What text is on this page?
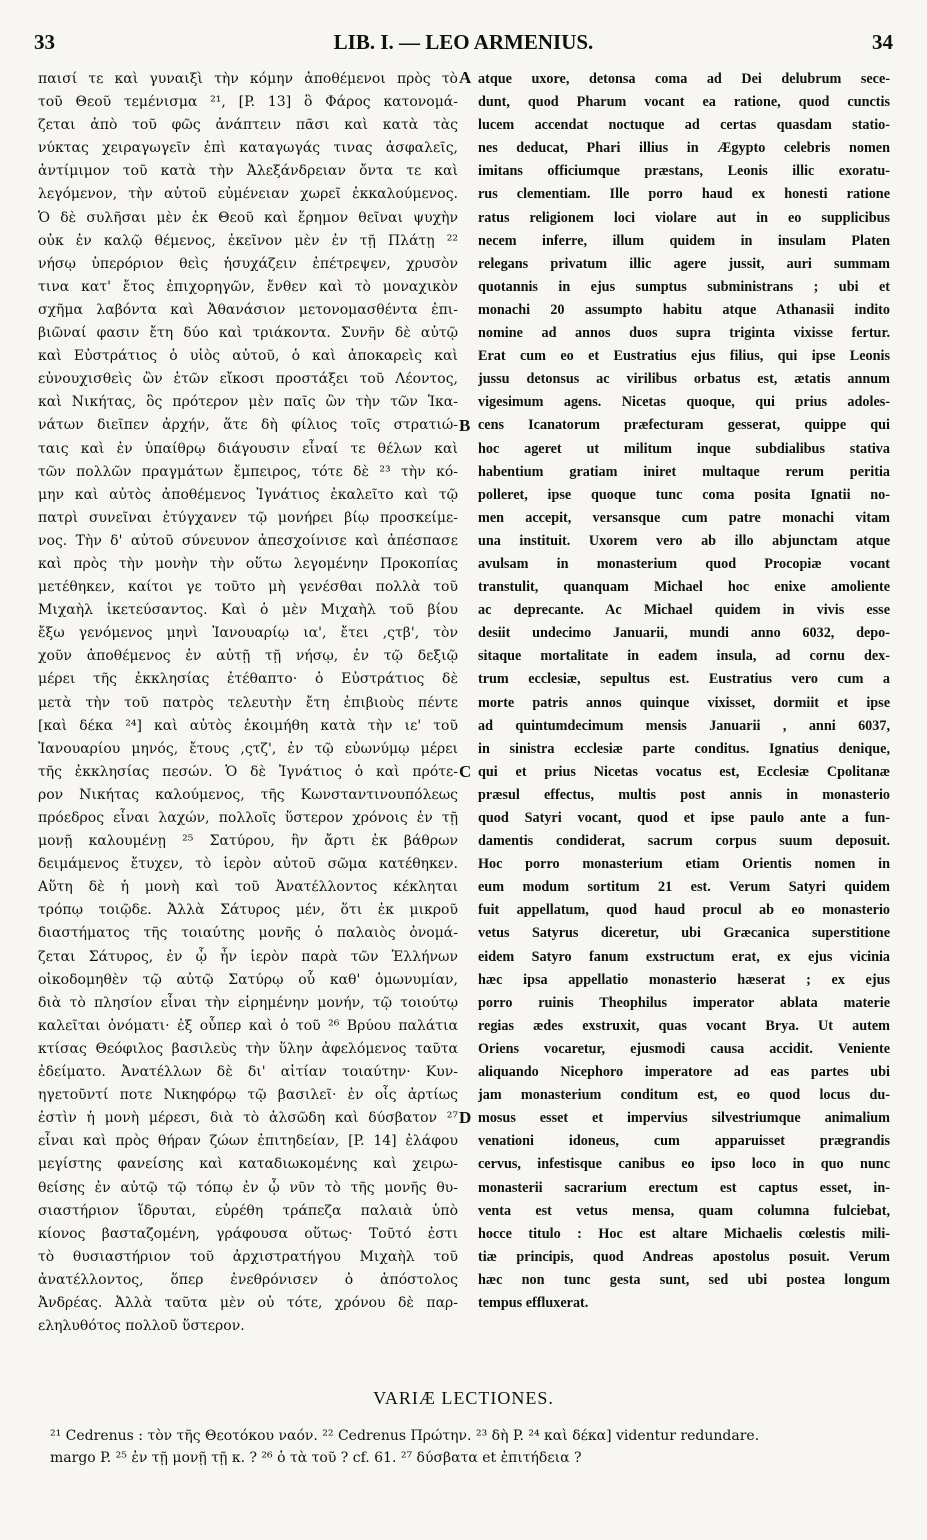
33	LIB. I. — LEO ARMENIUS.	34
παισί τε καὶ γυναιξὶ τὴν κόμην ἀποθέμενοι πρὸς τὸ
τοῦ Θεοῦ τεμένισμα ²¹, [P. 13] ὃ Φάρος κατονομά-
ζεται ἀπὸ τοῦ φῶς ἀνάπτειν πᾶσι καὶ κατὰ τὰς
νύκτας χειραγωγεῖν ἐπὶ καταγωγάς τινας ἀσφαλεῖς,
ἀντίμιμον τοῦ κατὰ τὴν Ἀλεξάνδρειαν ὄντα τε καὶ
λεγόμενον, τὴν αὐτοῦ εὐμένειαν χωρεῖ ἐκκαλούμενος.
Ὁ δὲ συλῆσαι μὲν ἐκ Θεοῦ καὶ ἔρημον θεῖναι ψυχὴν
οὐκ ἐν καλῷ θέμενος, ἐκεῖνον μὲν ἐν τῇ Πλάτῃ ²²
νήσῳ ὑπερόριον θεὶς ἡσυχάζειν ἐπέτρεψεν, χρυσὸν
τινα κατ' ἔτος ἐπιχορηγῶν, ἔνθεν καὶ τὸ μοναχικὸν
σχῆμα λαβόντα καὶ Ἀθανάσιον μετονομασθέντα ἐπι-
βιῶναί φασιν ἔτη δύο καὶ τριάκοντα. Συνῆν δὲ αὐτῷ
καὶ Εὐστράτιος ὁ υἱὸς αὐτοῦ, ὁ καὶ ἀποκαρεὶς καὶ
εὐνουχισθεὶς ὢν ἐτῶν εἴκοσι προστάξει τοῦ Λέοντος,
καὶ Νικήτας, ὃς πρότερον μὲν παῖς ὢν τὴν τῶν Ἱκα-
νάτων διεῖπεν ἀρχήν, ἅτε δὴ φίλιος τοῖς στρατιώ-
ταις καὶ ἐν ὑπαίθρῳ διάγουσιν εἶναί τε θέλων καὶ
τῶν πολλῶν πραγμάτων ἔμπειρος, τότε δὲ ²³ τὴν κό-
μην καὶ αὐτὸς ἀποθέμενος Ἰγνάτιος ἐκαλεῖτο καὶ τῷ
πατρὶ συνεῖναι ἐτύγχανεν τῷ μονήρει βίῳ προσκείμε-
νος. Τὴν δ' αὐτοῦ σύνευνον ἀπεσχοίνισε καὶ ἀπέσπασε
καὶ πρὸς τὴν μονὴν τὴν οὕτω λεγομένην Προκοπίας
μετέθηκεν, καίτοι γε τοῦτο μὴ γενέσθαι πολλὰ τοῦ
Μιχαὴλ ἱκετεύσαντος. Καὶ ὁ μὲν Μιχαὴλ τοῦ βίου
ἔξω γενόμενος μηνὶ Ἰανουαρίῳ ια', ἔτει ,ςτβ', τὸν
χοῦν ἀποθέμενος ἐν αὐτῇ τῇ νήσῳ, ἐν τῷ δεξιῷ
μέρει τῆς ἐκκλησίας ἐτέθαπτο· ὁ Εὐστράτιος δὲ
μετὰ τὴν τοῦ πατρὸς τελευτὴν ἔτη ἐπιβιοὺς πέντε
[καὶ δέκα ²⁴] καὶ αὐτὸς ἐκοιμήθη κατὰ τὴν ιε' τοῦ
Ἰανουαρίου μηνός, ἔτους ,ςτζ', ἐν τῷ εὐωνύμῳ μέρει
τῆς ἐκκλησίας πεσών. Ὁ δὲ Ἰγνάτιος ὁ καὶ πρότε-
ρον Νικήτας καλούμενος, τῆς Κωνσταντινουπόλεως
πρόεδρος εἶναι λαχών, πολλοῖς ὕστερον χρόνοις ἐν τῇ
μονῇ καλουμένῃ ²⁵ Σατύρου, ἣν ἄρτι ἐκ βάθρων
δειμάμενος ἔτυχεν, τὸ ἱερὸν αὐτοῦ σῶμα κατέθηκεν.
Αὕτη δὲ ἡ μονὴ καὶ τοῦ Ἀνατέλλοντος κέκληται
τρόπῳ τοιῷδε. Ἀλλὰ Σάτυρος μέν, ὅτι ἐκ μικροῦ
διαστήματος τῆς τοιαύτης μονῆς ὁ παλαιὸς ὀνομά-
ζεται Σάτυρος, ἐν ᾧ ἦν ἱερὸν παρὰ τῶν Ἑλλήνων
οἰκοδομηθὲν τῷ αὐτῷ Σατύρῳ οὗ καθ' ὁμωνυμίαν,
διὰ τὸ πλησίον εἶναι τὴν εἰρημένην μονήν, τῷ τοιούτῳ
καλεῖται ὀνόματι· ἐξ οὗπερ καὶ ὁ τοῦ ²⁶ Βρύου παλάτια
κτίσας Θεόφιλος βασιλεὺς τὴν ὕλην ἀφελόμενος ταῦτα
ἐδείματο. Ἀνατέλλων δὲ δι' αἰτίαν τοιαύτην· Κυν-
ηγετοῦντί ποτε Νικηφόρῳ τῷ βασιλεῖ· ἐν οἷς ἀρτίως
ἐστὶν ἡ μονὴ μέρεσι, διὰ τὸ ἀλσῶδη καὶ δύσβατον ²⁷
εἶναι καὶ πρὸς θήραν ζώων ἐπιτηδείαν, [P. 14] ἐλάφου
μεγίστης φανείσης καὶ καταδιωκομένης καὶ χειρω-
θείσης ἐν αὐτῷ τῷ τόπῳ ἐν ᾧ νῦν τὸ τῆς μονῆς θυ-
σιαστήριον ἵδρυται, εὑρέθη τράπεζα παλαιὰ ὑπὸ
κίονος βασταζομένη, γράφουσα οὕτως· Τοῦτό ἐστι
τὸ θυσιαστήριον τοῦ ἀρχιστρατήγου Μιχαὴλ τοῦ
ἀνατέλλοντος, ὅπερ ἐνεθρόνισεν ὁ ἀπόστολος
Ἀνδρέας. Ἀλλὰ ταῦτα μὲν οὐ τότε, χρόνου δὲ παρ-
εληλυθότος πολλοῦ ὕστερον.
atque uxore, detonsa coma ad Dei delubrum sece-
dunt, quod Pharum vocant ea ratione, quod cunctis
lucem accendat noctuque ad certas quasdam statio-
nes deducat, Phari illius in Ægypto celebris nomen
imitans officiumque præstans, Leonis illic exoratu-
rus clementiam. Ille porro haud ex honesti ratione
ratus religionem loci violare aut in eo supplicibus
necem inferre, illum quidem in insulam Platen
relegans privatum illic agere jussit, auri summam
quotannis in ejus sumptus subministrans ; ubi et
monachi 20 assumpto habitu atque Athanasii indito
nomine ad annos duos supra triginta vixisse fertur.
Erat cum eo et Eustratius ejus filius, qui ipse Leonis
jussu detonsus ac virilibus orbatus est, ætatis annum
vigesimum agens. Nicetas quoque, qui prius adoles-
cens Icanatorum præfecturam gesserat, quippe qui
hoc ageret ut militum inque subdialibus stativa
habentium gratiam iniret multaque rerum peritia
polleret, ipse quoque tunc coma posita Ignatii no-
men accepit, versansque cum patre monachi vitam
una instituit. Uxorem vero ab illo abjunctam atque
avulsam in monasterium quod Procopiæ vocant
transtulit, quanquam Michael hoc enixe amoliente
ac deprecante. Ac Michael quidem in vivis esse
desiit undecimo Januarii, mundi anno 6032, depo-
sitaque mortalitate in eadem insula, ad cornu dex-
trum ecclesiæ, sepultus est. Eustratius vero cum a
morte patris annos quinque vixisset, dormiit et ipse
ad quintumdecimum mensis Januarii , anni 6037,
in sinistra ecclesiæ parte conditus. Ignatius denique,
qui et prius Nicetas vocatus est, Ecclesiæ Cpolitanæ
præsul effectus, multis post annis in monasterio
quod Satyri vocant, quod et ipse paulo ante a fun-
damentis condiderat, sacrum corpus suum deposuit.
Hoc porro monasterium etiam Orientis nomen in
eum modum sortitum 21 est. Verum Satyri quidem
fuit appellatum, quod haud procul ab eo monasterio
vetus Satyrus diceretur, ubi Græcanica superstitione
eidem Satyro fanum exstructum erat, ex ejus vicinia
hæc ipsa appellatio monasterio hæserat ; ex ejus
porro ruinis Theophilus imperator ablata materie
regias ædes exstruxit, quas vocant Brya. Ut autem
Oriens vocaretur, ejusmodi causa accidit. Veniente
aliquando Nicephoro imperatore ad eas partes ubi
jam monasterium conditum est, eo quod locus du-
mosus esset et impervius silvestriumque animalium
venationi idoneus, cum apparuisset prægrandis
cervus, infestisque canibus eo ipso loco in quo nunc
monasterii sacrarium erectum est captus esset, in-
venta est vetus mensa, quam columna fulciebat,
hocce titulo : Hoc est altare Michaelis cœlestis mili-
tiæ principis, quod Andreas apostolus posuit. Verum
hæc non tunc gesta sunt, sed ubi postea longum
tempus effluxerat.
A
B
C
D
VARIÆ LECTIONES.
²¹ Cedrenus : τὸν τῆς Θεοτόκου ναόν. ²² Cedrenus Πρώτην. ²³ δὴ P. ²⁴ καὶ δέκα] videntur redundare.
margo P. ²⁵ ἐν τῇ μονῇ τῇ κ. ? ²⁶ ὁ τὰ τοῦ ? cf. 61. ²⁷ δύσβατα et ἐπιτήδεια ?
